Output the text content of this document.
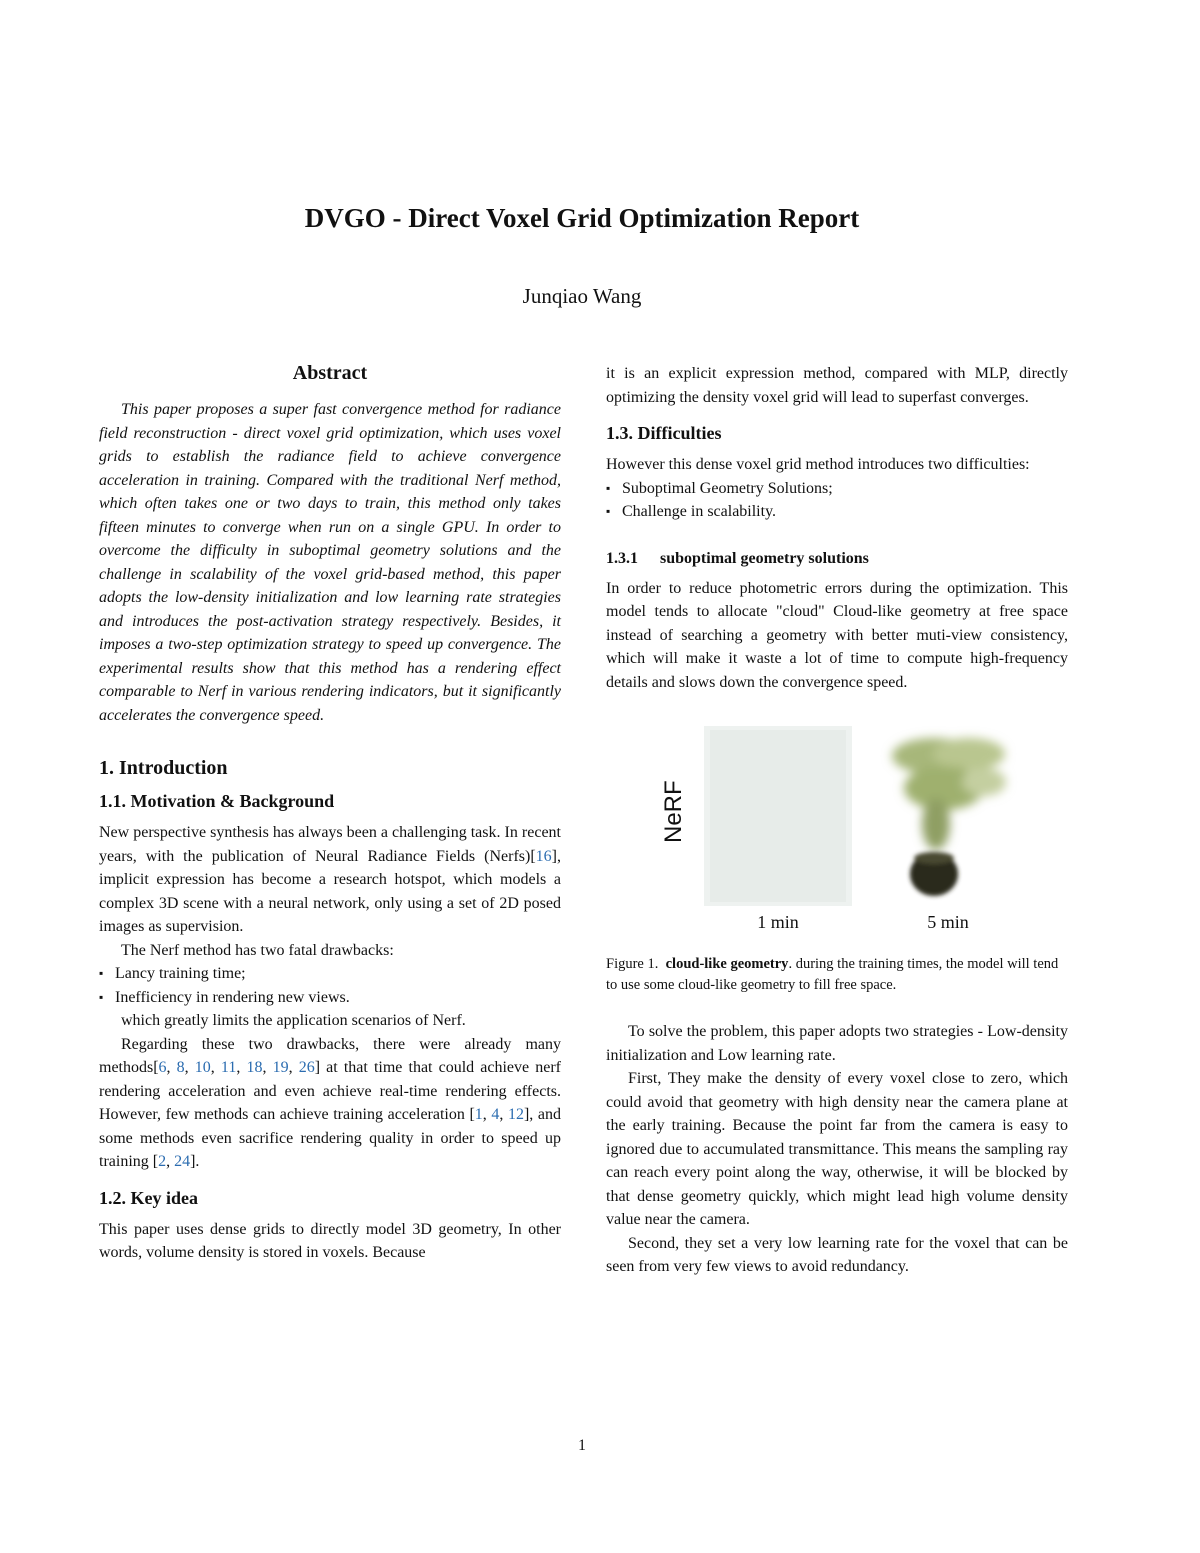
DVGO - Direct Voxel Grid Optimization Report
Junqiao Wang
Abstract

This paper proposes a super fast convergence method for radiance field reconstruction - direct voxel grid optimization, which uses voxel grids to establish the radiance field to achieve convergence acceleration in training. Compared with the traditional Nerf method, which often takes one or two days to train, this method only takes fifteen minutes to converge when run on a single GPU. In order to overcome the difficulty in suboptimal geometry solutions and the challenge in scalability of the voxel grid-based method, this paper adopts the low-density initialization and low learning rate strategies and introduces the post-activation strategy respectively. Besides, it imposes a two-step optimization strategy to speed up convergence. The experimental results show that this method has a rendering effect comparable to Nerf in various rendering indicators, but it significantly accelerates the convergence speed.

1. Introduction
1.1. Motivation & Background

New perspective synthesis has always been a challenging task. In recent years, with the publication of Neural Radiance Fields (Nerfs)[16], implicit expression has become a research hotspot, which models a complex 3D scene with a neural network, only using a set of 2D posed images as supervision.

The Nerf method has two fatal drawbacks:

▪ Lancy training time;
▪ Inefficiency in rendering new views.

which greatly limits the application scenarios of Nerf.

Regarding these two drawbacks, there were already many methods[6, 8, 10, 11, 18, 19, 26] at that time that could achieve nerf rendering acceleration and even achieve real-time rendering effects. However, few methods can achieve training acceleration [1, 4, 12], and some methods even sacrifice rendering quality in order to speed up training [2, 24].

1.2. Key idea

This paper uses dense grids to directly model 3D geometry, In other words, volume density is stored in voxels. Because

it is an explicit expression method, compared with MLP, directly optimizing the density voxel grid will lead to superfast converges.

1.3. Difficulties

However this dense voxel grid method introduces two difficulties:

▪ Suboptimal Geometry Solutions;
▪ Challenge in scalability.
1.3.1 suboptimal geometry solutions

In order to reduce photometric errors during the optimization. This model tends to allocate "cloud" Cloud-like geometry at free space instead of searching a geometry with better muti-view consistency, which will make it waste a lot of time to compute high-frequency details and slows down the convergence speed.

NeRF
1 min	5 min

Figure 1. cloud-like geometry. during the training times, the model will tend to use some cloud-like geometry to fill free space.

To solve the problem, this paper adopts two strategies - Low-density initialization and Low learning rate.

First, They make the density of every voxel close to zero, which could avoid that geometry with high density near the camera plane at the early training. Because the point far from the camera is easy to ignored due to accumulated transmittance. This means the sampling ray can reach every point along the way, otherwise, it will be blocked by that dense geometry quickly, which might lead high volume density value near the camera.

Second, they set a very low learning rate for the voxel that can be seen from very few views to avoid redundancy.

1
